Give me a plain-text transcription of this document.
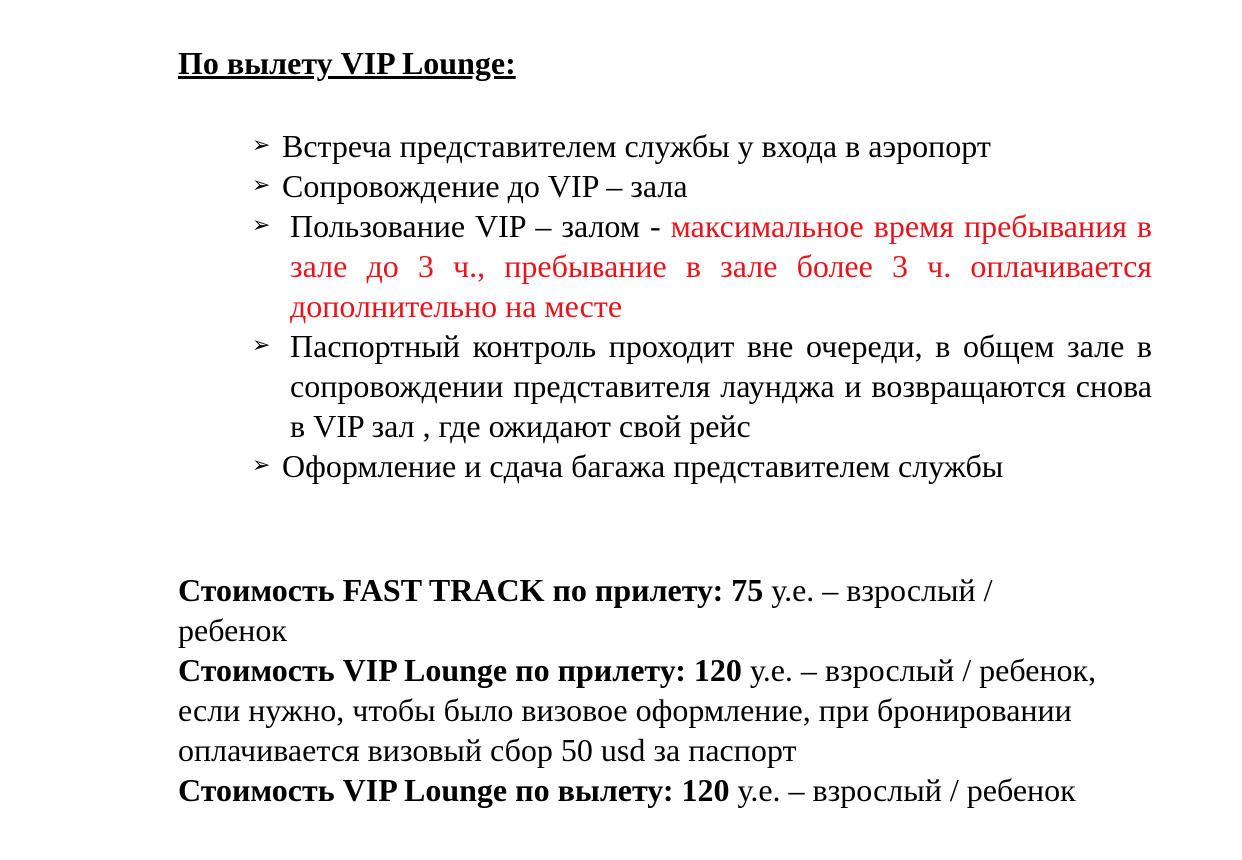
По вылету VIP Lounge:

➢ Встреча представителем службы у входа в аэропорт
➢ Сопровождение до VIP – зала
➢ Пользование VIP – залом - максимальное время пребывания в зале до 3 ч., пребывание в зале более 3 ч. оплачивается дополнительно на месте
➢ Паспортный контроль проходит вне очереди, в общем зале в сопровождении представителя лаунджа и возвращаются снова в VIP зал , где ожидают свой рейс
➢ Оформление и сдача багажа представителем службы

Стоимость FAST TRACK по прилету: 75 у.е. – взрослый / ребенок

Стоимость VIP Lounge по прилету: 120 у.е. – взрослый / ребенок, если нужно, чтобы было визовое оформление, при бронировании оплачивается визовый сбор 50 usd за паспорт

Стоимость VIP Lounge по вылету: 120 у.е. – взрослый / ребенок
